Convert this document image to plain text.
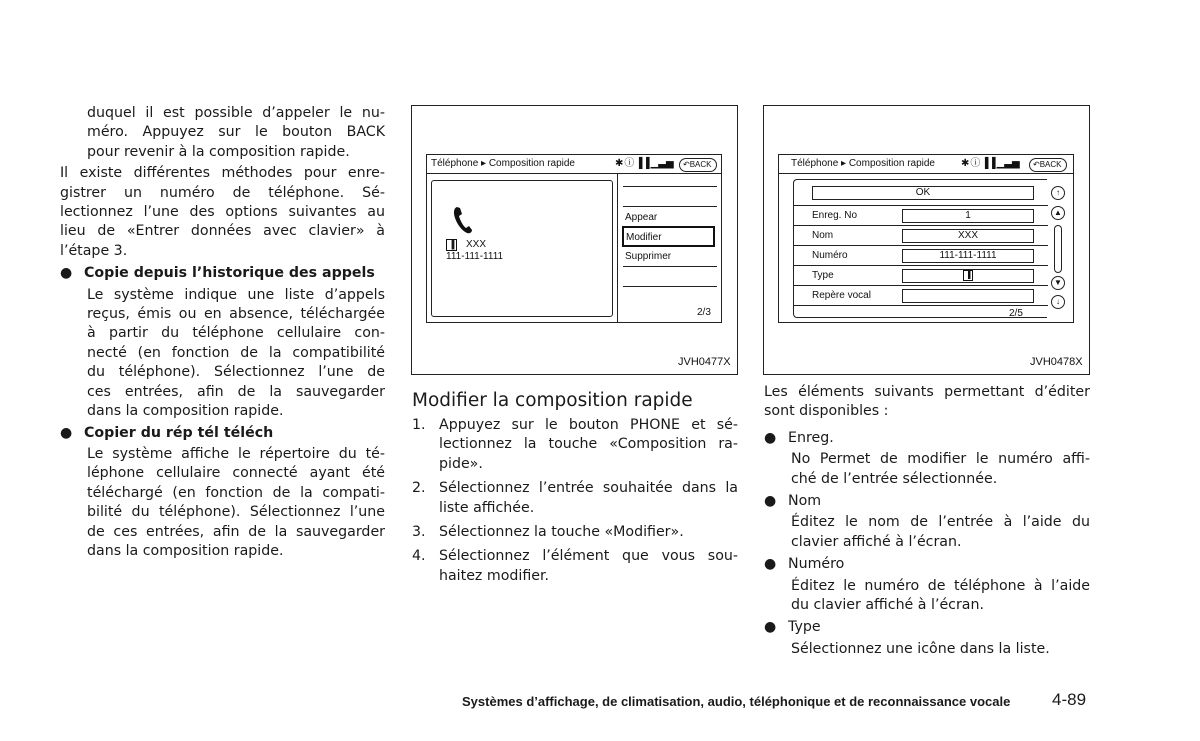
duquel il est possible d’appeler le nu-
méro. Appuyez sur le bouton BACK
pour revenir à la composition rapide.
Il existe différentes méthodes pour enre-
gistrer un numéro de téléphone. Sé-
lectionnez l’une des options suivantes au
lieu de «Entrer données avec clavier» à
l’étape 3.
● Copie depuis l’historique des appels
Le système indique une liste d’appels
reçus, émis ou en absence, téléchargée
à partir du téléphone cellulaire con-
necté (en fonction de la compatibilité
du téléphone). Sélectionnez l’une de
ces entrées, afin de la sauvegarder
dans la composition rapide.
● Copier du rép tél téléch
Le système affiche le répertoire du té-
léphone cellulaire connecté ayant été
téléchargé (en fonction de la compati-
bilité du téléphone). Sélectionnez l’une
de ces entrées, afin de la sauvegarder
dans la composition rapide.
Téléphone ▸ Composition rapide	✱ⓘ▐▐▁▃▅	↶BACK
▐ XXX
111-111-1111
Appear
Modifier
Supprimer
2/3
JVH0477X
Téléphone ▸ Composition rapide	✱ⓘ▐▐▁▃▅	↶BACK
OK
Enreg. No	1
Nom	XXX
Numéro	111-111-1111
Type	▐
Repère vocal
↑
▲
▼
↓
2/5
JVH0478X
Modifier la composition rapide
1. Appuyez sur le bouton PHONE et sé-
lectionnez la touche «Composition ra-
pide».
2. Sélectionnez l’entrée souhaitée dans la
liste affichée.
3. Sélectionnez la touche «Modifier».
4. Sélectionnez l’élément que vous sou-
haitez modifier.
Les éléments suivants permettant d’éditer
sont disponibles :
● Enreg.
No Permet de modifier le numéro affi-
ché de l’entrée sélectionnée.
● Nom
Éditez le nom de l’entrée à l’aide du
clavier affiché à l’écran.
● Numéro
Éditez le numéro de téléphone à l’aide
du clavier affiché à l’écran.
● Type
Sélectionnez une icône dans la liste.
Systèmes d’affichage, de climatisation, audio, téléphonique et de reconnaissance vocale 4-89
